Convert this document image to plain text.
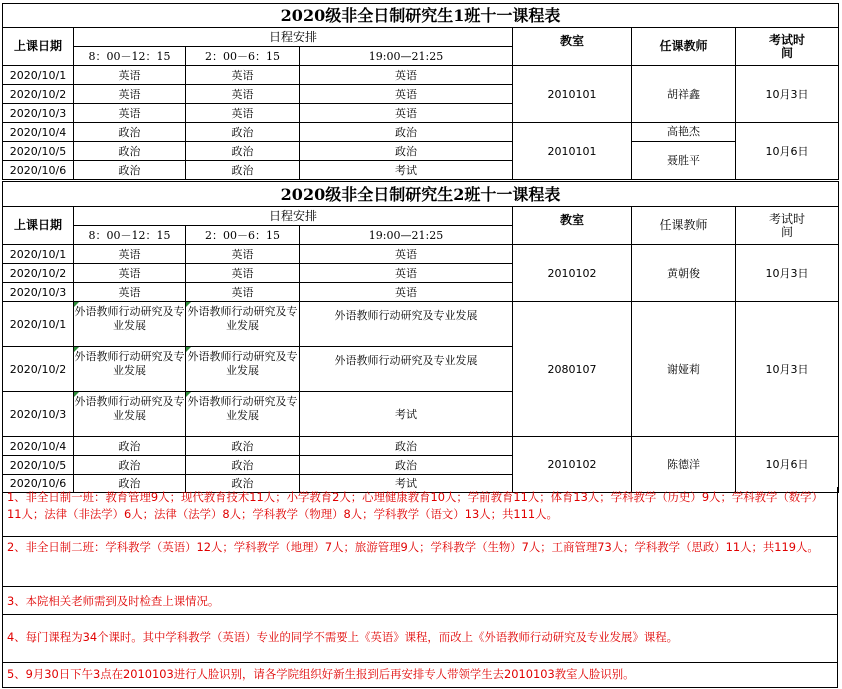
2020级非全日制研究生1班十一课程表						
上课日期	日程安排			教室	任课教师	考试时间
	8：00－12：15	2：00－6：15	19:00—21:25			
2020/10/1	英语	英语	英语	2010101	胡祥鑫	10月3日
2020/10/2	英语	英语	英语			
2020/10/3	英语	英语	英语			
2020/10/4	政治	政治	政治	2010101	高艳杰	10月6日
2020/10/5	政治	政治	政治		聂胜平	
2020/10/6	政治	政治	考试			
2020级非全日制研究生2班十一课程表						
上课日期	日程安排			教室	任课教师	考试时间
	8：00－12：15	2：00－6：15	19:00—21:25			
2020/10/1	英语	英语	英语	2010102	黄朝俊	10月3日
2020/10/2	英语	英语	英语			
2020/10/3	英语	英语	英语			
2020/10/1	外语教师行动研究及专业发展	外语教师行动研究及专业发展	外语教师行动研究及专业发展	2080107	谢娅莉	10月3日
2020/10/2	外语教师行动研究及专业发展	外语教师行动研究及专业发展	外语教师行动研究及专业发展			
2020/10/3	外语教师行动研究及专业发展	外语教师行动研究及专业发展	考试			
2020/10/4	政治	政治	政治	2010102	陈德洋	10月6日
2020/10/5	政治	政治	政治			
2020/10/6	政治	政治	考试			
1、非全日制一班：教育管理9人；现代教育技术11人；小学教育2人；心理健康教育10人；学前教育11人；体育13人；学科教学（历史）9人；学科教学（数学）11人；法律（非法学）6人；法律（法学）8人；学科教学（物理）8人；学科教学（语文）13人；共111人。
2、非全日制二班：学科教学（英语）12人；学科教学（地理）7人；旅游管理9人；学科教学（生物）7人；工商管理73人；学科教学（思政）11人；共119人。
3、本院相关老师需到及时检查上课情况。
4、每门课程为34个课时。其中学科教学（英语）专业的同学不需要上《英语》课程，而改上《外语教师行动研究及专业发展》课程。
5、9月30日下午3点在2010103进行人脸识别，请各学院组织好新生报到后再安排专人带领学生去2010103教室人脸识别。
